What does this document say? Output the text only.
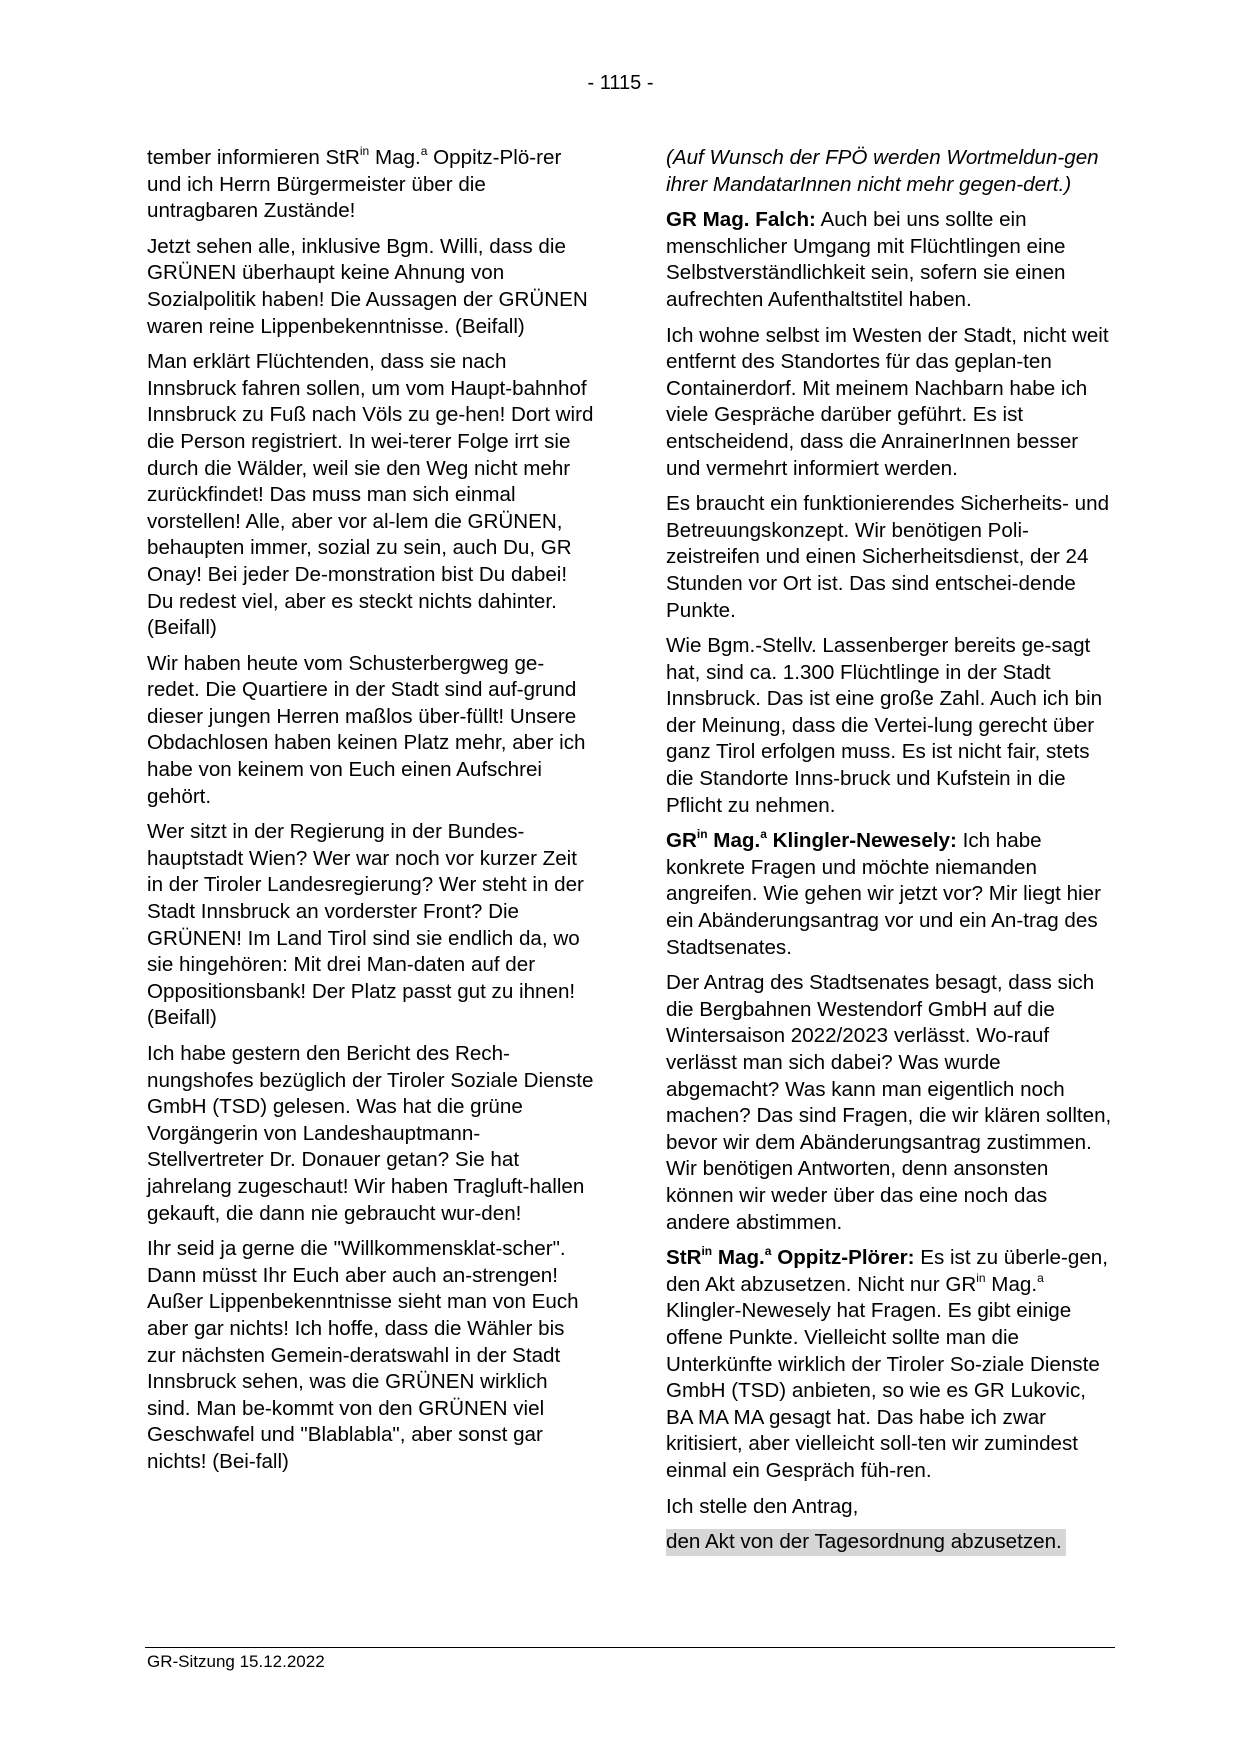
- 1115 -

tember informieren StR$^{in}$ Mag.$^a$ Oppitz-Plö-rer und ich Herrn Bürgermeister über die untragbaren Zustände!

Jetzt sehen alle, inklusive Bgm. Willi, dass die GRÜNEN überhaupt keine Ahnung von Sozialpolitik haben! Die Aussagen der GRÜNEN waren reine Lippenbekenntnisse. (Beifall)

Man erklärt Flüchtenden, dass sie nach Innsbruck fahren sollen, um vom Haupt-bahnhof Innsbruck zu Fuß nach Völs zu ge-hen! Dort wird die Person registriert. In wei-terer Folge irrt sie durch die Wälder, weil sie den Weg nicht mehr zurückfindet! Das muss man sich einmal vorstellen! Alle, aber vor al-lem die GRÜNEN, behaupten immer, sozial zu sein, auch Du, GR Onay! Bei jeder De-monstration bist Du dabei! Du redest viel, aber es steckt nichts dahinter. (Beifall)

Wir haben heute vom Schusterbergweg ge-redet. Die Quartiere in der Stadt sind auf-grund dieser jungen Herren maßlos über-füllt! Unsere Obdachlosen haben keinen Platz mehr, aber ich habe von keinem von Euch einen Aufschrei gehört.

Wer sitzt in der Regierung in der Bundes-hauptstadt Wien? Wer war noch vor kurzer Zeit in der Tiroler Landesregierung? Wer steht in der Stadt Innsbruck an vorderster Front? Die GRÜNEN! Im Land Tirol sind sie endlich da, wo sie hingehören: Mit drei Man-daten auf der Oppositionsbank! Der Platz passt gut zu ihnen! (Beifall)

Ich habe gestern den Bericht des Rech-nungshofes bezüglich der Tiroler Soziale Dienste GmbH (TSD) gelesen. Was hat die grüne Vorgängerin von Landeshauptmann-Stellvertreter Dr. Donauer getan? Sie hat jahrelang zugeschaut! Wir haben Tragluft-hallen gekauft, die dann nie gebraucht wur-den!

Ihr seid ja gerne die "Willkommensklat-scher". Dann müsst Ihr Euch aber auch an-strengen! Außer Lippenbekenntnisse sieht man von Euch aber gar nichts! Ich hoffe, dass die Wähler bis zur nächsten Gemein-deratswahl in der Stadt Innsbruck sehen, was die GRÜNEN wirklich sind. Man be-kommt von den GRÜNEN viel Geschwafel und "Blablabla", aber sonst gar nichts! (Bei-fall)

(Auf Wunsch der FPÖ werden Wortmeldun-gen ihrer MandatarInnen nicht mehr gegen-dert.)

GR Mag. Falch: Auch bei uns sollte ein menschlicher Umgang mit Flüchtlingen eine Selbstverständlichkeit sein, sofern sie einen aufrechten Aufenthaltstitel haben.

Ich wohne selbst im Westen der Stadt, nicht weit entfernt des Standortes für das geplan-ten Containerdorf. Mit meinem Nachbarn habe ich viele Gespräche darüber geführt. Es ist entscheidend, dass die AnrainerInnen besser und vermehrt informiert werden.

Es braucht ein funktionierendes Sicherheits- und Betreuungskonzept. Wir benötigen Poli-zeistreifen und einen Sicherheitsdienst, der 24 Stunden vor Ort ist. Das sind entschei-dende Punkte.

Wie Bgm.-Stellv. Lassenberger bereits ge-sagt hat, sind ca. 1.300 Flüchtlinge in der Stadt Innsbruck. Das ist eine große Zahl. Auch ich bin der Meinung, dass die Vertei-lung gerecht über ganz Tirol erfolgen muss. Es ist nicht fair, stets die Standorte Inns-bruck und Kufstein in die Pflicht zu nehmen.

$GR^{in}$ Mag.$^a$ Klingler-Newesely: Ich habe konkrete Fragen und möchte niemanden angreifen. Wie gehen wir jetzt vor? Mir liegt hier ein Abänderungsantrag vor und ein An-trag des Stadtsenates.

Der Antrag des Stadtsenates besagt, dass sich die Bergbahnen Westendorf GmbH auf die Wintersaison 2022/2023 verlässt. Wo-rauf verlässt man sich dabei? Was wurde abgemacht? Was kann man eigentlich noch machen? Das sind Fragen, die wir klären sollten, bevor wir dem Abänderungsantrag zustimmen. Wir benötigen Antworten, denn ansonsten können wir weder über das eine noch das andere abstimmen.

StR$^{in}$ Mag.$^a$ Oppitz-Plörer: Es ist zu überle-gen, den Akt abzusetzen. Nicht nur $GR^{in}$ Mag.$^a$ Klingler-Newesely hat Fragen. Es gibt einige offene Punkte. Vielleicht sollte man die Unterkünfte wirklich der Tiroler So-ziale Dienste GmbH (TSD) anbieten, so wie es GR Lukovic, BA MA MA gesagt hat. Das habe ich zwar kritisiert, aber vielleicht soll-ten wir zumindest einmal ein Gespräch füh-ren.

Ich stelle den Antrag,

den Akt von der Tagesordnung abzusetzen.

GR-Sitzung 15.12.2022
